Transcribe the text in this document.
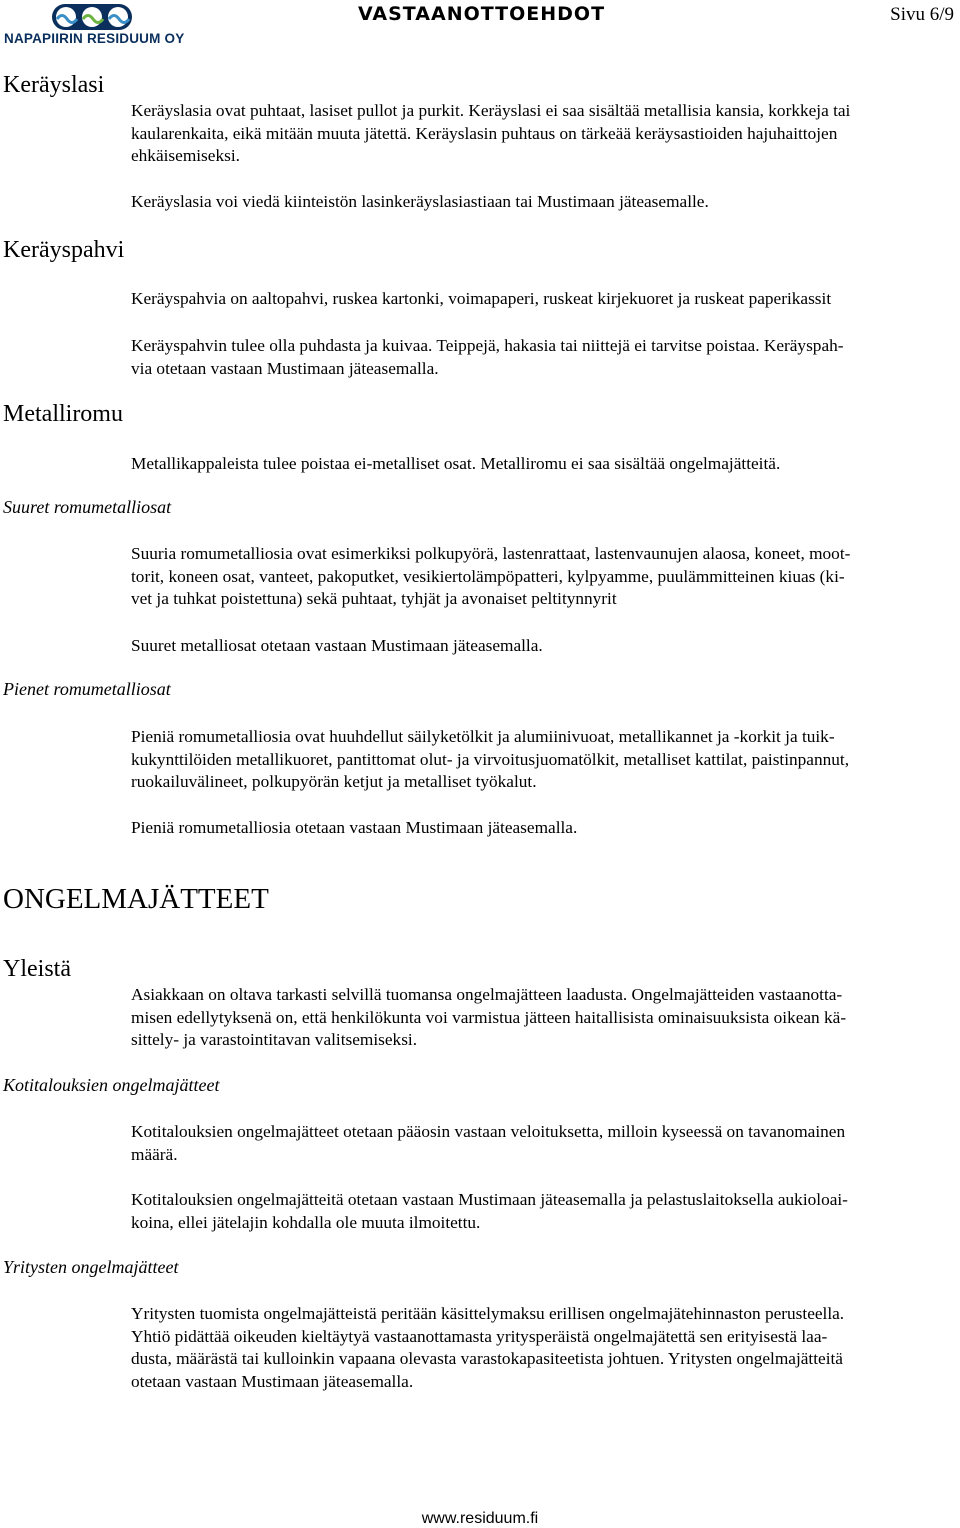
NAPAPIIRIN RESIDUUM OY
VASTAANOTTOEHDOT	Sivu 6/9
Keräyslasi
Keräyslasia ovat puhtaat, lasiset pullot ja purkit. Keräyslasi ei saa sisältää metallisia kansia, korkkeja tai
kaularenkaita, eikä mitään muuta jätettä. Keräyslasin puhtaus on tärkeää keräysastioiden hajuhaittojen
ehkäisemiseksi.
Keräyslasia voi viedä kiinteistön lasinkeräyslasiastiaan tai Mustimaan jäteasemalle.
Keräyspahvi
Keräyspahvia on aaltopahvi, ruskea kartonki, voimapaperi, ruskeat kirjekuoret ja ruskeat paperikassit
Keräyspahvin tulee olla puhdasta ja kuivaa. Teippejä, hakasia tai niittejä ei tarvitse poistaa. Keräyspah-
via otetaan vastaan Mustimaan jäteasemalla.
Metalliromu
Metallikappaleista tulee poistaa ei-metalliset osat. Metalliromu ei saa sisältää ongelmajätteitä.
Suuret romumetalliosat
Suuria romumetalliosia ovat esimerkiksi polkupyörä, lastenrattaat, lastenvaunujen alaosa, koneet, moot-
torit, koneen osat, vanteet, pakoputket, vesikiertolämpöpatteri, kylpyamme, puulämmitteinen kiuas (ki-
vet ja tuhkat poistettuna) sekä puhtaat, tyhjät ja avonaiset peltitynnyrit
Suuret metalliosat otetaan vastaan Mustimaan jäteasemalla.
Pienet romumetalliosat
Pieniä romumetalliosia ovat huuhdellut säilyketölkit ja alumiinivuoat, metallikannet ja -korkit ja tuik-
kukynttilöiden metallikuoret, pantittomat olut- ja virvoitusjuomatölkit, metalliset kattilat, paistinpannut,
ruokailuvälineet, polkupyörän ketjut ja metalliset työkalut.
Pieniä romumetalliosia otetaan vastaan Mustimaan jäteasemalla.
ONGELMAJÄTTEET
Yleistä
Asiakkaan on oltava tarkasti selvillä tuomansa ongelmajätteen laadusta. Ongelmajätteiden vastaanotta-
misen edellytyksenä on, että henkilökunta voi varmistua jätteen haitallisista ominaisuuksista oikean kä-
sittely- ja varastointitavan valitsemiseksi.
Kotitalouksien ongelmajätteet
Kotitalouksien ongelmajätteet otetaan pääosin vastaan veloituksetta, milloin kyseessä on tavanomainen
määrä.
Kotitalouksien ongelmajätteitä otetaan vastaan Mustimaan jäteasemalla ja pelastuslaitoksella aukioloai-
koina, ellei jätelajin kohdalla ole muuta ilmoitettu.
Yritysten ongelmajätteet
Yritysten tuomista ongelmajätteistä peritään käsittelymaksu erillisen ongelmajätehinnaston perusteella.
Yhtiö pidättää oikeuden kieltäytyä vastaanottamasta yritysperäistä ongelmajätettä sen erityisestä laa-
dusta, määrästä tai kulloinkin vapaana olevasta varastokapasiteetista johtuen. Yritysten ongelmajätteitä
otetaan vastaan Mustimaan jäteasemalla.
www.residuum.fi
